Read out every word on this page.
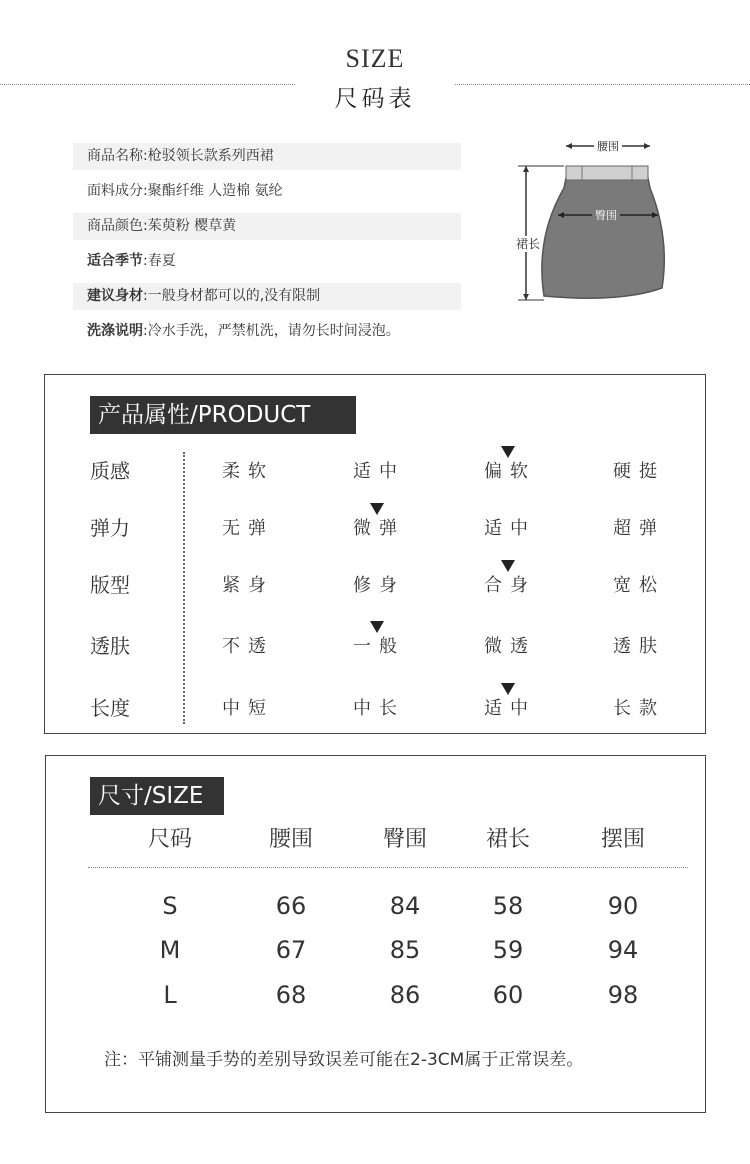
SIZE
尺码表
商品名称:枪驳领长款系列西裙
面料成分:聚酯纤维 人造棉 氨纶
商品颜色:茱萸粉 樱草黄
适合季节:春夏
建议身材:一般身材都可以的,没有限制
洗涤说明:冷水手洗，严禁机洗，请勿长时间浸泡。
腰围
臀围
裙长
产品属性/PRODUCT
质感	柔软	适中	偏软	硬挺
弹力	无弹	微弹	适中	超弹
版型	紧身	修身	合身	宽松
透肤	不透	一般	微透	透肤
长度	中短	中长	适中	长款
尺寸/SIZE
尺码	腰围	臀围	裙长	摆围
S	66	84	58	90
M	67	85	59	94
L	68	86	60	98
注：平铺测量手势的差别导致误差可能在2-3CM属于正常误差。
